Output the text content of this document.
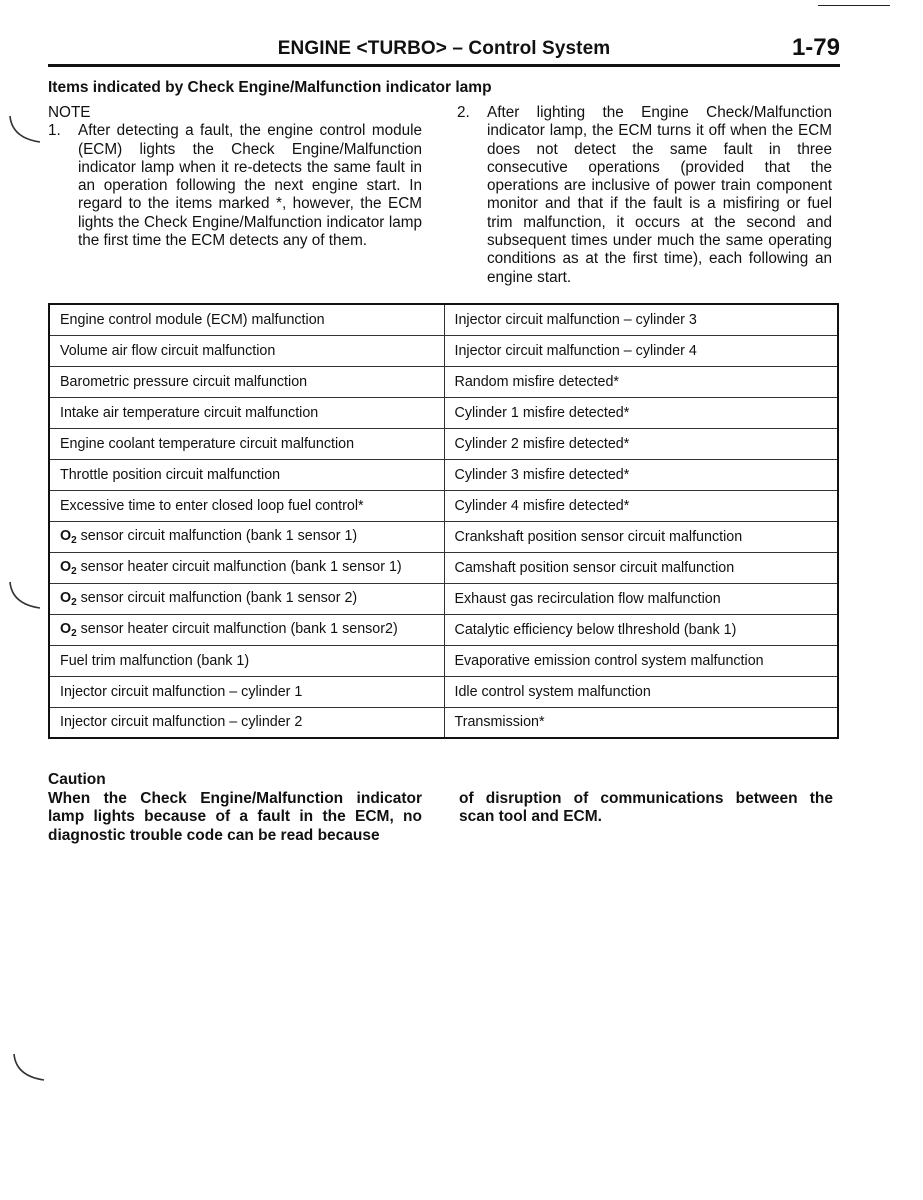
ENGINE <TURBO> – Control System	1-79
Items indicated by Check Engine/Malfunction indicator lamp
NOTE
1.	After detecting a fault, the engine control module (ECM) lights the Check Engine/Malfunction indicator lamp when it re-detects the same fault in an operation following the next engine start. In regard to the items marked *, however, the ECM lights the Check Engine/Malfunction indicator lamp the first time the ECM detects any of them.
2.	After lighting the Engine Check/Malfunction indicator lamp, the ECM turns it off when the ECM does not detect the same fault in three consecutive operations (provided that the operations are inclusive of power train component monitor and that if the fault is a misfiring or fuel trim malfunction, it occurs at the second and subsequent times under much the same operating conditions as at the first time), each following an engine start.
Engine control module (ECM) malfunction	Injector circuit malfunction – cylinder 3
Volume air flow circuit malfunction	Injector circuit malfunction – cylinder 4
Barometric pressure circuit malfunction	Random misfire detected*
Intake air temperature circuit malfunction	Cylinder 1 misfire detected*
Engine coolant temperature circuit malfunction	Cylinder 2 misfire detected*
Throttle position circuit malfunction	Cylinder 3 misfire detected*
Excessive time to enter closed loop fuel control*	Cylinder 4 misfire detected*
$O_2$ sensor circuit malfunction (bank 1 sensor 1)	Crankshaft position sensor circuit malfunction
$O_2$ sensor heater circuit malfunction (bank 1 sensor 1)	Camshaft position sensor circuit malfunction
$O_2$ sensor circuit malfunction (bank 1 sensor 2)	Exhaust gas recirculation flow malfunction
$O_2$ sensor heater circuit malfunction (bank 1 sensor2)	Catalytic efficiency below tlhreshold (bank 1)
Fuel trim malfunction (bank 1)	Evaporative emission control system malfunction
Injector circuit malfunction – cylinder 1	Idle control system malfunction
Injector circuit malfunction – cylinder 2	Transmission*
Caution
When the Check Engine/Malfunction indicator lamp lights because of a fault in the ECM, no diagnostic trouble code can be read because
of disruption of communications between the scan tool and ECM.
